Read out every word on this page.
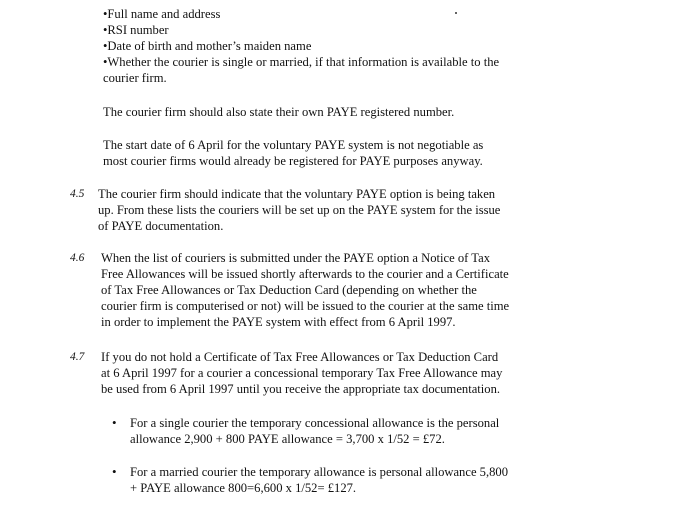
•Full name and address
•RSI number
•Date of birth and mother’s maiden name
•Whether the courier is single or married, if that information is available to the
courier firm.
The courier firm should also state their own PAYE registered number.
The start date of 6 April for the voluntary PAYE system is not negotiable as
most courier firms would already be registered for PAYE purposes anyway.
4.5 The courier firm should indicate that the voluntary PAYE option is being taken
up. From these lists the couriers will be set up on the PAYE system for the issue
of PAYE documentation.
4.6 When the list of couriers is submitted under the PAYE option a Notice of Tax
Free Allowances will be issued shortly afterwards to the courier and a Certificate
of Tax Free Allowances or Tax Deduction Card (depending on whether the
courier firm is computerised or not) will be issued to the courier at the same time
in order to implement the PAYE system with effect from 6 April 1997.
4.7 If you do not hold a Certificate of Tax Free Allowances or Tax Deduction Card
at 6 April 1997 for a courier a concessional temporary Tax Free Allowance may
be used from 6 April 1997 until you receive the appropriate tax documentation.
• For a single courier the temporary concessional allowance is the personal
allowance 2,900 + 800 PAYE allowance = 3,700 x 1/52 = £72.
• For a married courier the temporary allowance is personal allowance 5,800
+ PAYE allowance 800=6,600 x 1/52= £127.
